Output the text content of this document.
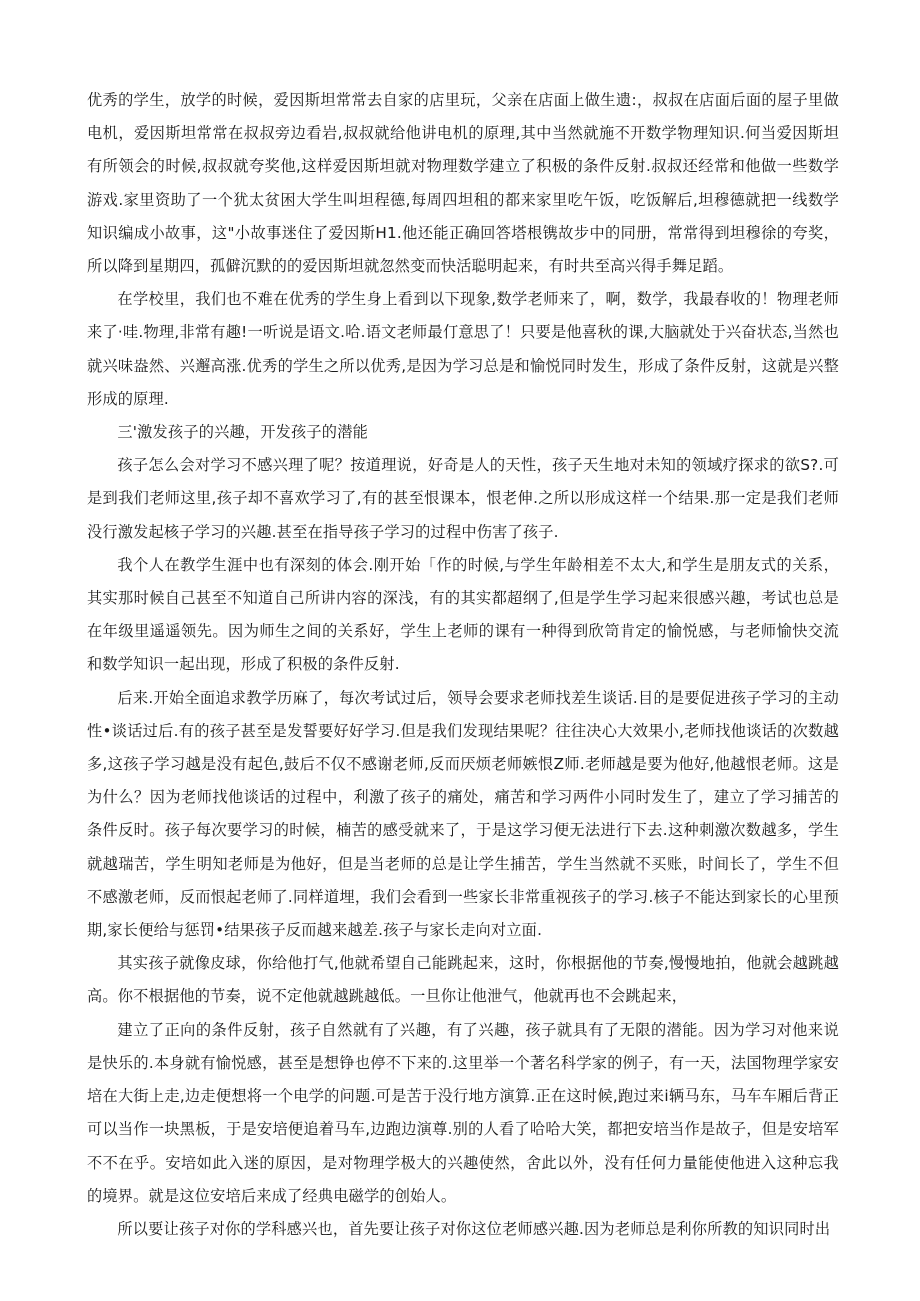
优秀的学生，放学的时候，爱因斯坦常常去自家的店里玩，父亲在店面上做生遗:，叔叔在店面后面的屋子里做电机，爱因斯坦常常在叔叔旁边看岩,叔叔就给他讲电机的原理,其中当然就施不开数学物理知识.何当爱因斯坦有所领会的时候,叔叔就夸奖他,这样爱因斯坦就对物理数学建立了积极的条件反射.叔叔还经常和他做一些数学游戏.家里资助了一个犹太贫困大学生叫坦程德,每周四坦租的都来家里吃午饭，吃饭解后,坦穆德就把一线数学知识编成小故事，这"小故事迷住了爱因斯H1.他还能正确回答塔根镌故步中的同册，常常得到坦穆徐的夸奖，所以降到星期四，孤僻沉默的的爱因斯坦就忽然变而快活聪明起来，有时共至高兴得手舞足蹈。

在学校里，我们也不难在优秀的学生身上看到以下现象,数学老师来了，啊，数学，我最春收的！物理老师来了·哇.物理,非常有趣!一听说是语文.哈.语文老师最仃意思了！只要是他喜秋的课,大脑就处于兴奋状态,当然也就兴味盎然、兴邂高涨.优秀的学生之所以优秀,是因为学习总是和愉悦同时发生，形成了条件反射，这就是兴整形成的原理.

三'激发孩子的兴趣，开发孩子的潜能

孩子怎么会对学习不感兴理了呢？按道理说，好奇是人的天性，孩子天生地对未知的领域疗探求的欲S?.可是到我们老师这里,孩子却不喜欢学习了,有的甚至恨课本，恨老伸.之所以形成这样一个结果.那一定是我们老师没行激发起核子学习的兴趣.甚至在指导孩子学习的过程中伤害了孩子.

我个人在教学生涯中也有深刻的体会.刚开始「作的时候,与学生年龄相差不太大,和学生是朋友式的关系，其实那时候自己甚至不知道自己所讲内容的深浅，有的其实都超纲了,但是学生学习起来很感兴趣，考试也总是在年级里遥遥领先。因为师生之间的关系好，学生上老师的课有一种得到欣笥肯定的愉悦感，与老师愉快交流和数学知识一起出现，形成了积极的条件反射.

后来.开始全面追求教学历麻了，每次考试过后，领导会要求老师找差生谈话.目的是要促进孩子学习的主动性•谈话过后.有的孩子甚至是发誓要好好学习.但是我们发现结果呢？往往决心大效果小,老师找他谈话的次数越多,这孩子学习越是没有起色,鼓后不仅不感谢老师,反而厌烦老师嫉恨Z师.老师越是要为他好,他越恨老师。这是为什么？因为老师找他谈话的过程中，利激了孩子的痛处，痛苦和学习两件小同时发生了，建立了学习捕苦的条件反时。孩子每次要学习的时候，楠苦的感受就来了，于是这学习便无法进行下去.这种刺激次数越多，学生就越瑞苦，学生明知老师是为他好，但是当老师的总是让学生捕苦，学生当然就不买账，时间长了，学生不但不感激老师，反而恨起老师了.同样道埋，我们会看到一些家长非常重视孩子的学习.核子不能达到家长的心里预期,家长便给与惩罚•结果孩子反而越来越差.孩子与家长走向对立面.

其实孩子就像皮球，你给他打气,他就希望自己能跳起来，这时，你根据他的节奏,慢慢地拍，他就会越跳越高。你不根据他的节奏，说不定他就越跳越低。一旦你让他泄气，他就再也不会跳起来，

建立了正向的条件反射，孩子自然就有了兴趣，有了兴趣，孩子就具有了无限的潜能。因为学习对他来说是快乐的.本身就有愉悦感，甚至是想铮也停不下来的.这里举一个著名科学家的例子，有一天，法国物理学家安培在大街上走,边走便想将一个电学的问题.可是苦于没行地方演算.正在这时候,跑过来i辆马东，马车车厢后背正可以当作一块黑板，于是安培便追着马车,边跑边演尊.别的人看了哈哈大笑，都把安培当作是故子，但是安培军不不在乎。安培如此入迷的原因，是对物理学极大的兴趣使然，舍此以外，没有任何力量能使他进入这种忘我的境界。就是这位安培后来成了经典电磁学的创始人。

所以要让孩子对你的学科感兴也，首先要让孩子对你这位老师感兴趣.因为老师总是利你所教的知识同时出
